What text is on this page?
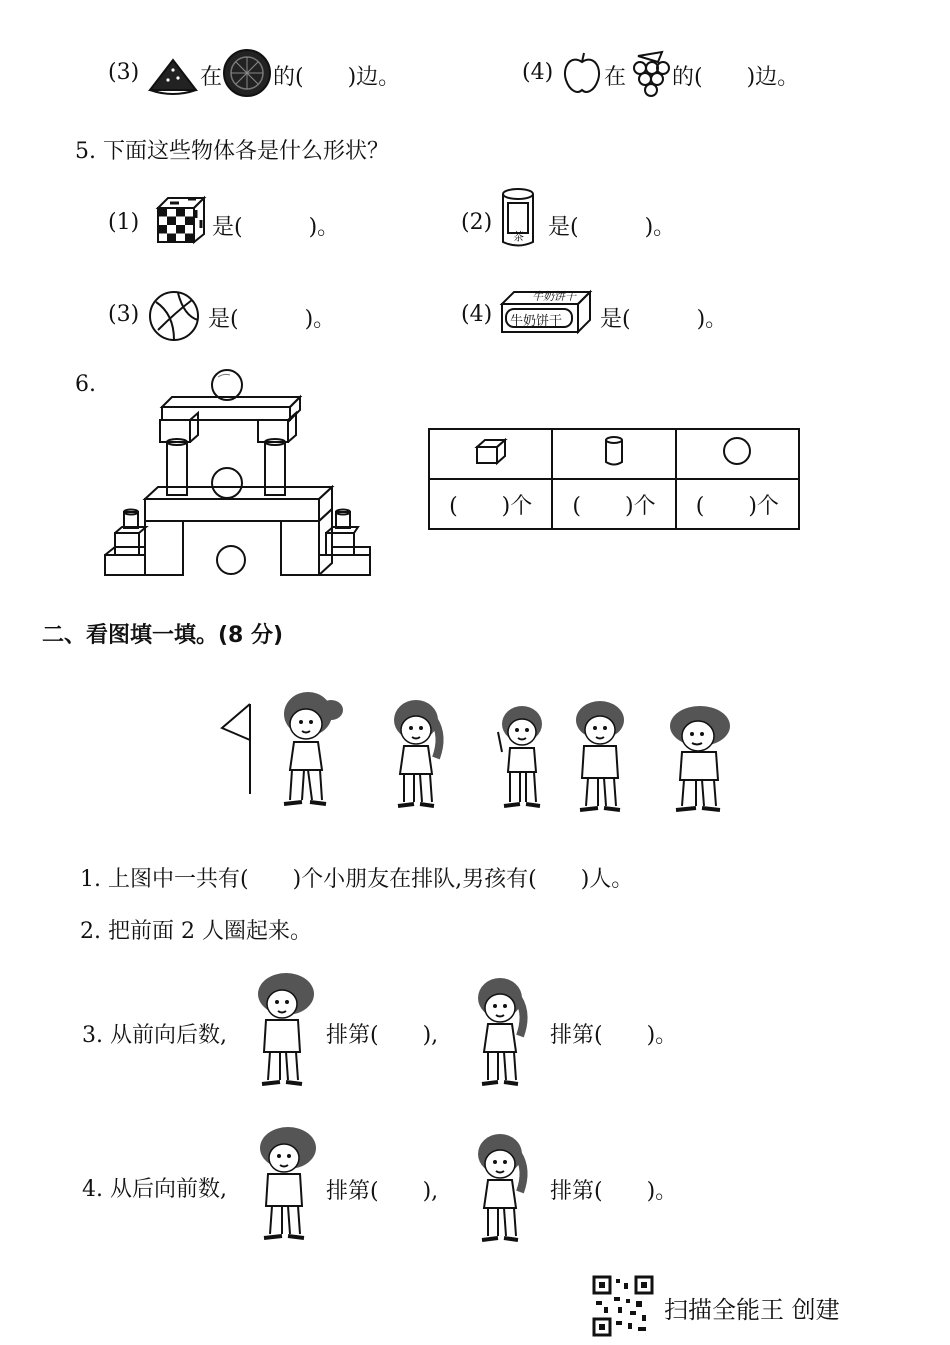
(3)	在 的(　　)边。	(4) 在 的(　　)边。
5. 下面这些物体各是什么形状？
(1)	是(　　　)。	(2)
茶 是(　　　)。
(3)	是(　　　)。	(4)
牛奶饼干
牛奶饼干 是(　　　)。
6.

(　　)个	(　　)个	(　　)个
二、看图填一填。(8 分)
1. 上图中一共有(　　)个小朋友在排队,男孩有(　　)人。
2. 把前面 2 人圈起来。
3. 从前向后数,	排第(　　),	排第(　　)。
4. 从后向前数,	排第(　　),	排第(　　)。
扫描全能王 创建
